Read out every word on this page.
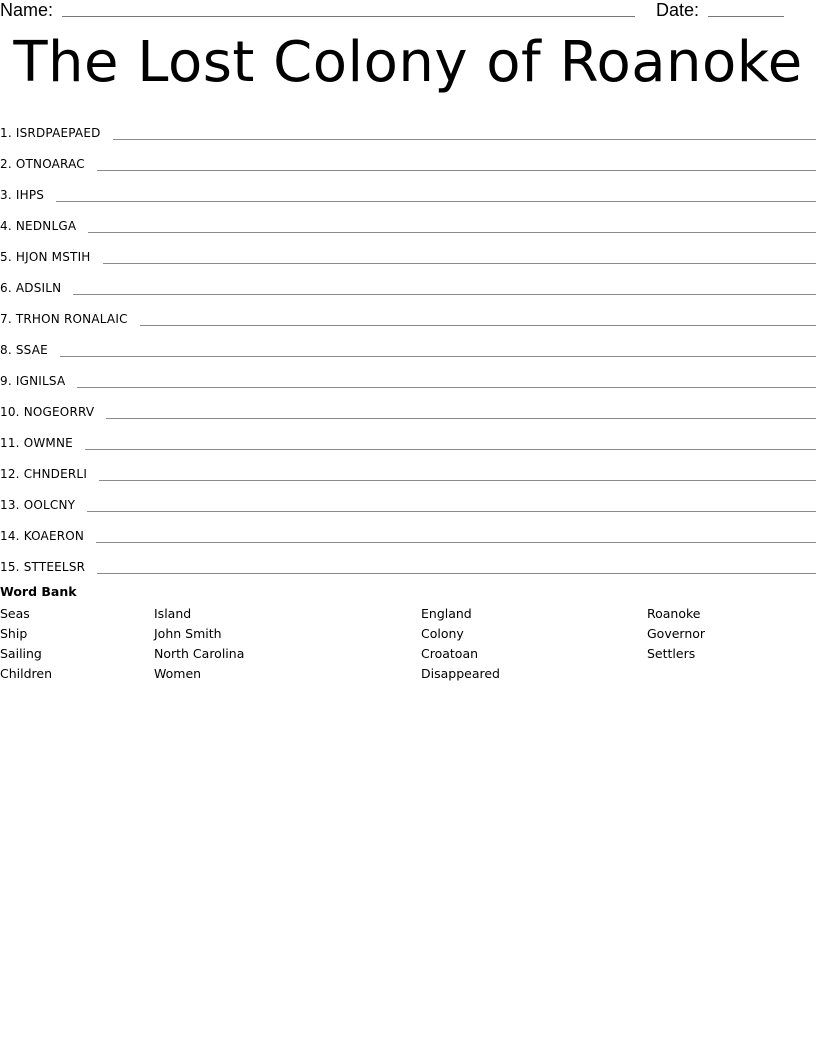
Name:	Date:
The Lost Colony of Roanoke
1. ISRDPAEPAED
2. OTNOARAC
3. IHPS
4. NEDNLGA
5. HJON MSTIH
6. ADSILN
7. TRHON RONALAIC
8. SSAE
9. IGNILSA
10. NOGEORRV
11. OWMNE
12. CHNDERLI
13. OOLCNY
14. KOAERON
15. STTEELSR
Word Bank
Seas
Ship
Sailing
Children
Island
John Smith
North Carolina
Women
England
Colony
Croatoan
Disappeared
Roanoke
Governor
Settlers
